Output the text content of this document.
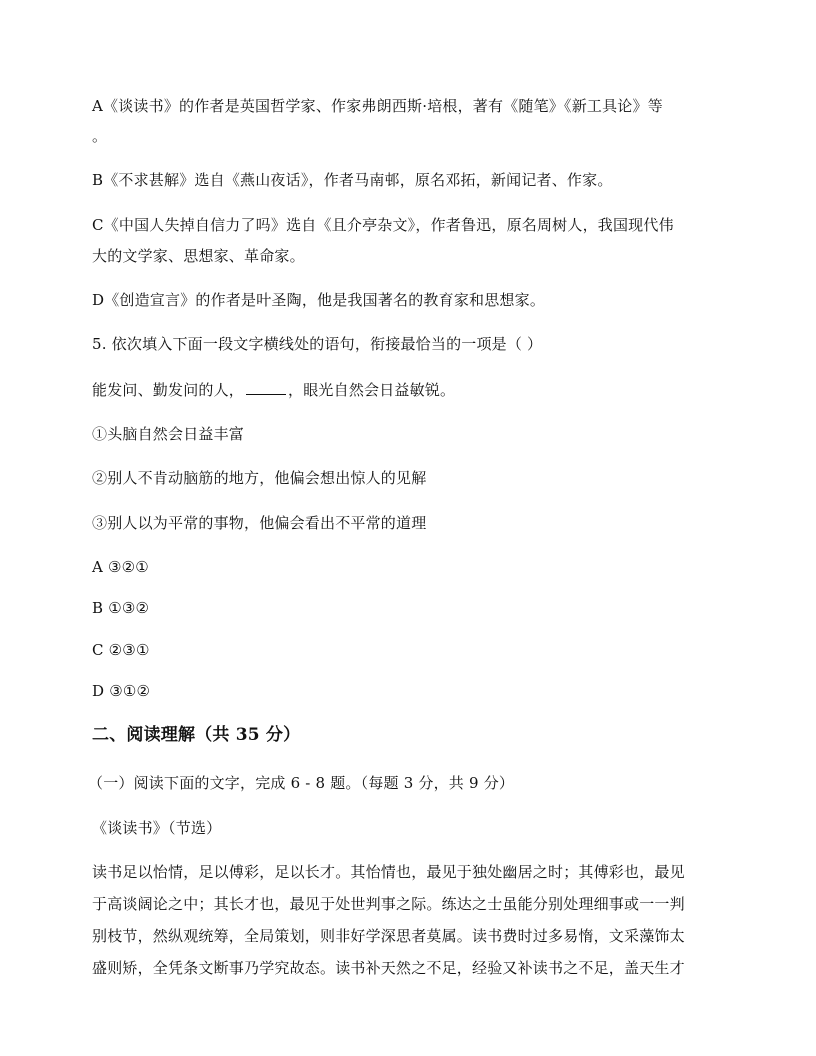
A《谈读书》的作者是英国哲学家、作家弗朗西斯·培根，著有《随笔》《新工具论》等
。
B《不求甚解》选自《燕山夜话》，作者马南邨，原名邓拓，新闻记者、作家。
C《中国人失掉自信力了吗》选自《且介亭杂文》，作者鲁迅，原名周树人，我国现代伟
大的文学家、思想家、革命家。
D《创造宣言》的作者是叶圣陶，他是我国著名的教育家和思想家。
5. 依次填入下面一段文字横线处的语句，衔接最恰当的一项是（ ）
能发问、勤发问的人，	，眼光自然会日益敏锐。
①头脑自然会日益丰富
②别人不肯动脑筋的地方，他偏会想出惊人的见解
③别人以为平常的事物，他偏会看出不平常的道理
A ③②①
B ①③②
C ②③①
D ③①②
二、阅读理解（共 35 分）
（一）阅读下面的文字，完成 6 - 8 题。（每题 3 分，共 9 分）
《谈读书》（节选）
读书足以怡情，足以傅彩，足以长才。其怡情也，最见于独处幽居之时；其傅彩也，最见
于高谈阔论之中；其长才也，最见于处世判事之际。练达之士虽能分别处理细事或一一判
别枝节，然纵观统筹，全局策划，则非好学深思者莫属。读书费时过多易惰，文采藻饰太
盛则矫，全凭条文断事乃学究故态。读书补天然之不足，经验又补读书之不足，盖天生才
